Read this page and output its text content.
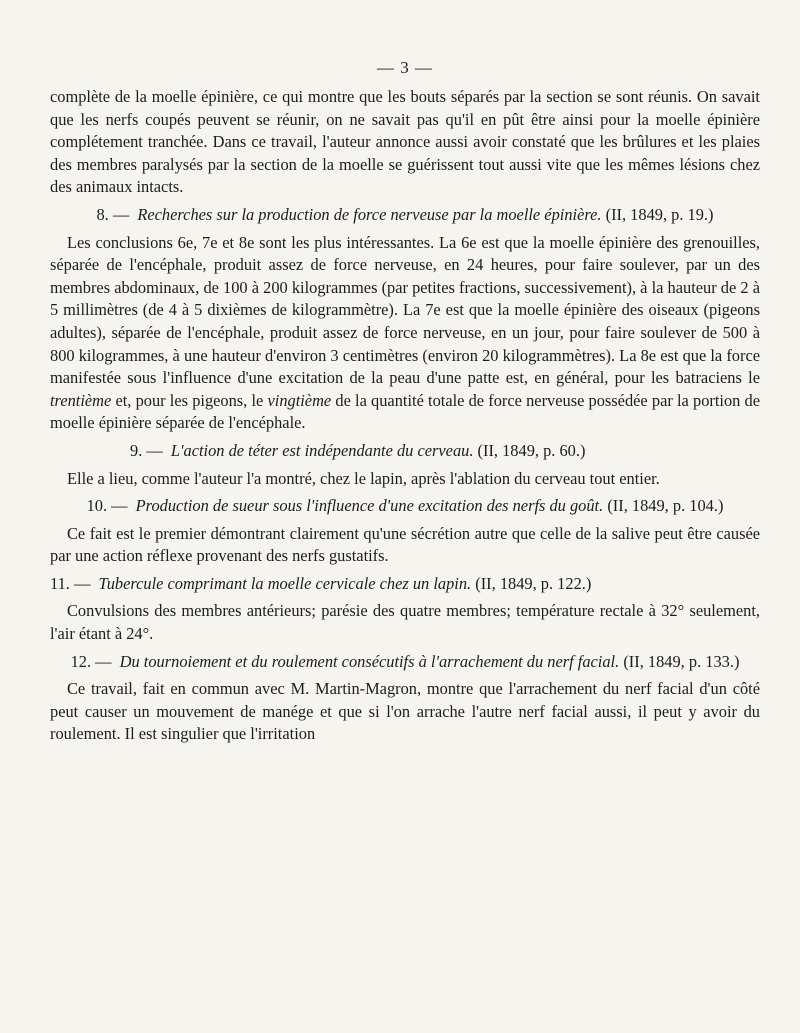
— 3 —

complète de la moelle épinière, ce qui montre que les bouts séparés par la section se sont réunis. On savait que les nerfs coupés peuvent se réunir, on ne savait pas qu'il en pût être ainsi pour la moelle épinière complétement tranchée. Dans ce travail, l'auteur annonce aussi avoir constaté que les brûlures et les plaies des membres paralysés par la section de la moelle se guérissent tout aussi vite que les mêmes lésions chez des animaux intacts.

8. — Recherches sur la production de force nerveuse par la moelle épinière. (II, 1849, p. 19.)

Les conclusions 6e, 7e et 8e sont les plus intéressantes. La 6e est que la moelle épinière des grenouilles, séparée de l'encéphale, produit assez de force nerveuse, en 24 heures, pour faire soulever, par un des membres abdominaux, de 100 à 200 kilogrammes (par petites fractions, successivement), à la hauteur de 2 à 5 millimètres (de 4 à 5 dixièmes de kilogrammètre). La 7e est que la moelle épinière des oiseaux (pigeons adultes), séparée de l'encéphale, produit assez de force nerveuse, en un jour, pour faire soulever de 500 à 800 kilogrammes, à une hauteur d'environ 3 centimètres (environ 20 kilogrammètres). La 8e est que la force manifestée sous l'influence d'une excitation de la peau d'une patte est, en général, pour les batraciens le trentième et, pour les pigeons, le vingtième de la quantité totale de force nerveuse possédée par la portion de moelle épinière séparée de l'encéphale.

9. — L'action de téter est indépendante du cerveau. (II, 1849, p. 60.)

Elle a lieu, comme l'auteur l'a montré, chez le lapin, après l'ablation du cerveau tout entier.

10. — Production de sueur sous l'influence d'une excitation des nerfs du goût. (II, 1849, p. 104.)

Ce fait est le premier démontrant clairement qu'une sécrétion autre que celle de la salive peut être causée par une action réflexe provenant des nerfs gustatifs.

11. — Tubercule comprimant la moelle cervicale chez un lapin. (II, 1849, p. 122.)

Convulsions des membres antérieurs; parésie des quatre membres; température rectale à 32° seulement, l'air étant à 24°.

12. — Du tournoiement et du roulement consécutifs à l'arrachement du nerf facial. (II, 1849, p. 133.)

Ce travail, fait en commun avec M. Martin-Magron, montre que l'arrachement du nerf facial d'un côté peut causer un mouvement de manége et que si l'on arrache l'autre nerf facial aussi, il peut y avoir du roulement. Il est singulier que l'irritation
